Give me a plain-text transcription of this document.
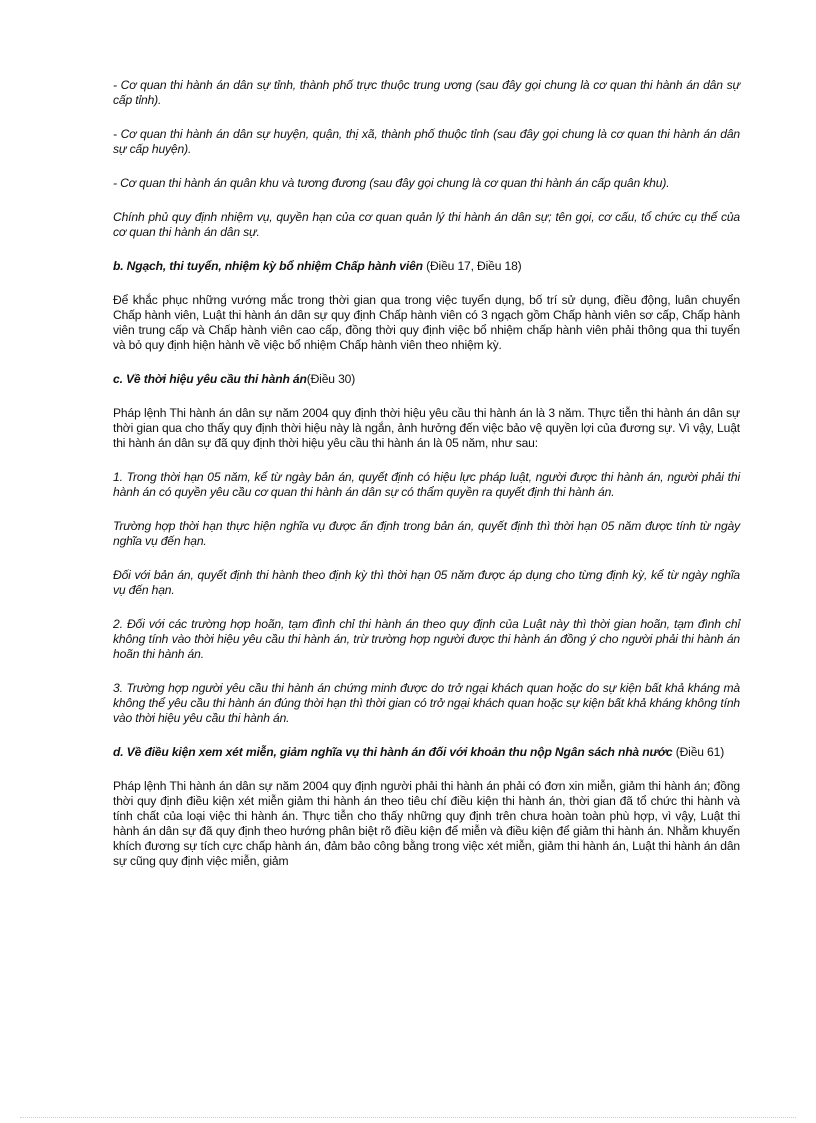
- Cơ quan thi hành án dân sự tỉnh, thành phố trực thuộc trung ương (sau đây gọi chung là cơ quan thi hành án dân sự cấp tỉnh).

- Cơ quan thi hành án dân sự huyện, quận, thị xã, thành phố thuộc tỉnh (sau đây gọi chung là cơ quan thi hành án dân sự cấp huyện).

- Cơ quan thi hành án quân khu và tương đương (sau đây gọi chung là cơ quan thi hành án cấp quân khu).

Chính phủ quy định nhiệm vụ, quyền hạn của cơ quan quản lý thi hành án dân sự; tên gọi, cơ cấu, tổ chức cụ thể của cơ quan thi hành án dân sự.

b. Ngạch, thi tuyển, nhiệm kỳ bổ nhiệm Chấp hành viên (Điều 17, Điều 18)

Để khắc phục những vướng mắc trong thời gian qua trong việc tuyển dụng, bố trí sử dụng, điều động, luân chuyển Chấp hành viên, Luật thi hành án dân sự quy định Chấp hành viên có 3 ngạch gồm Chấp hành viên sơ cấp, Chấp hành viên trung cấp và Chấp hành viên cao cấp, đồng thời quy định việc bổ nhiệm chấp hành viên phải thông qua thi tuyển và bỏ quy định hiện hành về việc bổ nhiệm Chấp hành viên theo nhiệm kỳ.

c. Về thời hiệu yêu cầu thi hành án(Điều 30)

Pháp lệnh Thi hành án dân sự năm 2004 quy định thời hiệu yêu cầu thi hành án là 3 năm. Thực tiễn thi hành án dân sự thời gian qua cho thấy quy định thời hiệu này là ngắn, ảnh hưởng đến việc bảo vệ quyền lợi của đương sự. Vì vậy, Luật thi hành án dân sự đã quy định thời hiệu yêu cầu thi hành án là 05 năm, như sau:

1. Trong thời hạn 05 năm, kể từ ngày bản án, quyết định có hiệu lực pháp luật, người được thi hành án, người phải thi hành án có quyền yêu cầu cơ quan thi hành án dân sự có thẩm quyền ra quyết định thi hành án.

Trường hợp thời hạn thực hiện nghĩa vụ được ấn định trong bản án, quyết định thì thời hạn 05 năm được tính từ ngày nghĩa vụ đến hạn.

Đối với bản án, quyết định thi hành theo định kỳ thì thời hạn 05 năm được áp dụng cho từng định kỳ, kể từ ngày nghĩa vụ đến hạn.

2. Đối với các trường hợp hoãn, tạm đình chỉ thi hành án theo quy định của Luật này thì thời gian hoãn, tạm đình chỉ không tính vào thời hiệu yêu cầu thi hành án, trừ trường hợp người được thi hành án đồng ý cho người phải thi hành án hoãn thi hành án.

3. Trường hợp người yêu cầu thi hành án chứng minh được do trở ngại khách quan hoặc do sự kiện bất khả kháng mà không thể yêu cầu thi hành án đúng thời hạn thì thời gian có trở ngại khách quan hoặc sự kiện bất khả kháng không tính vào thời hiệu yêu cầu thi hành án.

d. Về điều kiện xem xét miễn, giảm nghĩa vụ thi hành án đối với khoản thu nộp Ngân sách nhà nước (Điều 61)

Pháp lệnh Thi hành án dân sự năm 2004 quy định người phải thi hành án phải có đơn xin miễn, giảm thi hành án; đồng thời quy định điều kiện xét miễn giảm thi hành án theo tiêu chí điều kiện thi hành án, thời gian đã tổ chức thi hành và tính chất của loại việc thi hành án. Thực tiễn cho thấy những quy định trên chưa hoàn toàn phù hợp, vì vậy, Luật thi hành án dân sự đã quy định theo hướng phân biệt rõ điều kiện để miễn và điều kiện để giảm thi hành án. Nhằm khuyến khích đương sự tích cực chấp hành án, đảm bảo công bằng trong việc xét miễn, giảm thi hành án, Luật thi hành án dân sự cũng quy định việc miễn, giảm
